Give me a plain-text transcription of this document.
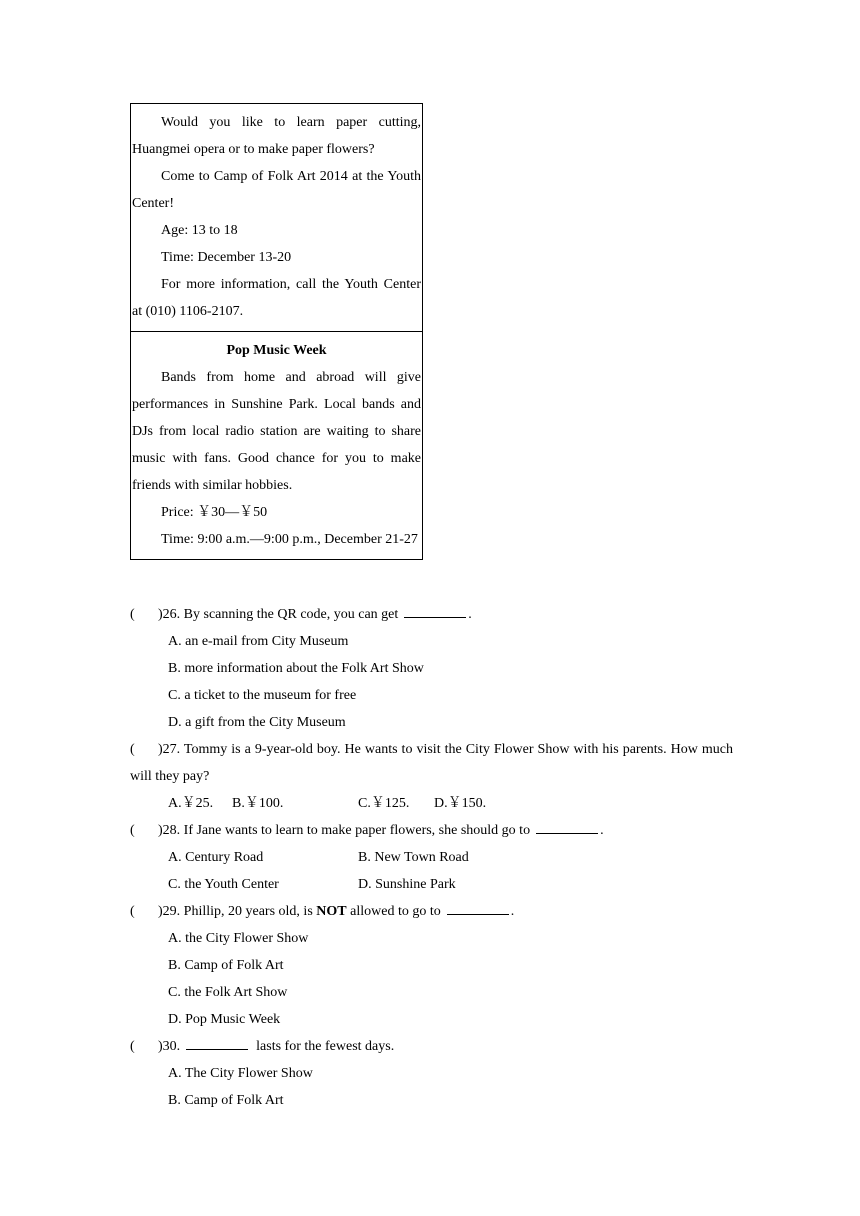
Would you like to learn paper cutting, Huangmei opera or to make paper flowers?

Come to Camp of Folk Art 2014 at the Youth Center!

Age: 13 to 18

Time: December 13-20

For more information, call the Youth Center at (010) 1106-2107.

Pop Music Week

Bands from home and abroad will give performances in Sunshine Park. Local bands and DJs from local radio station are waiting to share music with fans. Good chance for you to make friends with similar hobbies.

Price: ￥30—￥50

Time: 9:00 a.m.—9:00 p.m., December 21-27

( )26. By scanning the QR code, you can get	.

A. an e-mail from City Museum

B. more information about the Folk Art Show

C. a ticket to the museum for free

D. a gift from the City Museum

( )27. Tommy is a 9-year-old boy. He wants to visit the City Flower Show with his parents. How much will they pay?

A.￥25. B.￥100.	C.￥125. D.￥150.

( )28. If Jane wants to learn to make paper flowers, she should go to	.

A. Century Road	B. New Town Road
C. the Youth Center	D. Sunshine Park

( )29. Phillip, 20 years old, is NOT allowed to go to	.

A. the City Flower Show

B. Camp of Folk Art

C. the Folk Art Show

D. Pop Music Week

( )30.	lasts for the fewest days.

A. The City Flower Show

B. Camp of Folk Art
